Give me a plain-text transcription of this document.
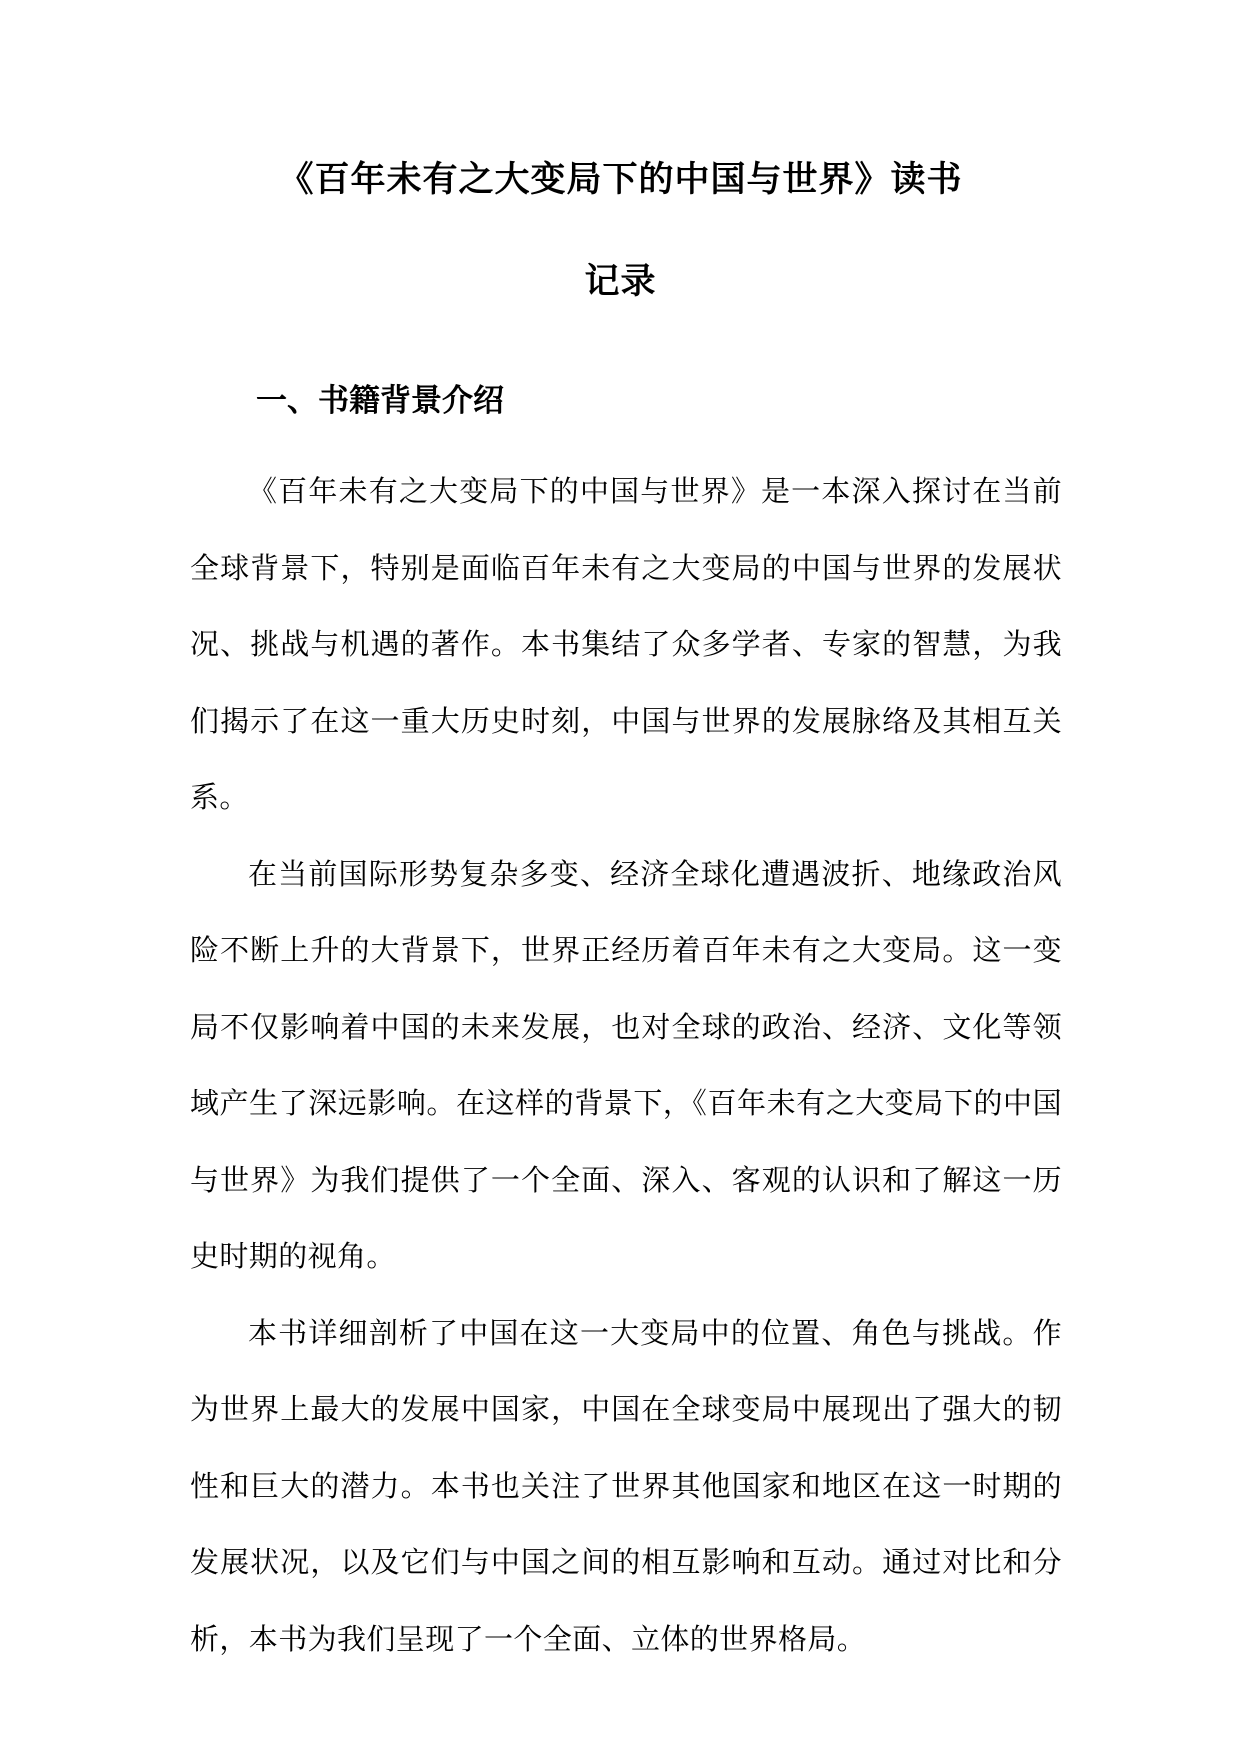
《百年未有之大变局下的中国与世界》读书
记录
一、书籍背景介绍

《百年未有之大变局下的中国与世界》是一本深入探讨在当前全球背景下，特别是面临百年未有之大变局的中国与世界的发展状况、挑战与机遇的著作。本书集结了众多学者、专家的智慧，为我们揭示了在这一重大历史时刻，中国与世界的发展脉络及其相互关系。

在当前国际形势复杂多变、经济全球化遭遇波折、地缘政治风险不断上升的大背景下，世界正经历着百年未有之大变局。这一变局不仅影响着中国的未来发展，也对全球的政治、经济、文化等领域产生了深远影响。在这样的背景下，《百年未有之大变局下的中国与世界》为我们提供了一个全面、深入、客观的认识和了解这一历史时期的视角。

本书详细剖析了中国在这一大变局中的位置、角色与挑战。作为世界上最大的发展中国家，中国在全球变局中展现出了强大的韧性和巨大的潜力。本书也关注了世界其他国家和地区在这一时期的发展状况，以及它们与中国之间的相互影响和互动。通过对比和分析，本书为我们呈现了一个全面、立体的世界格局。
